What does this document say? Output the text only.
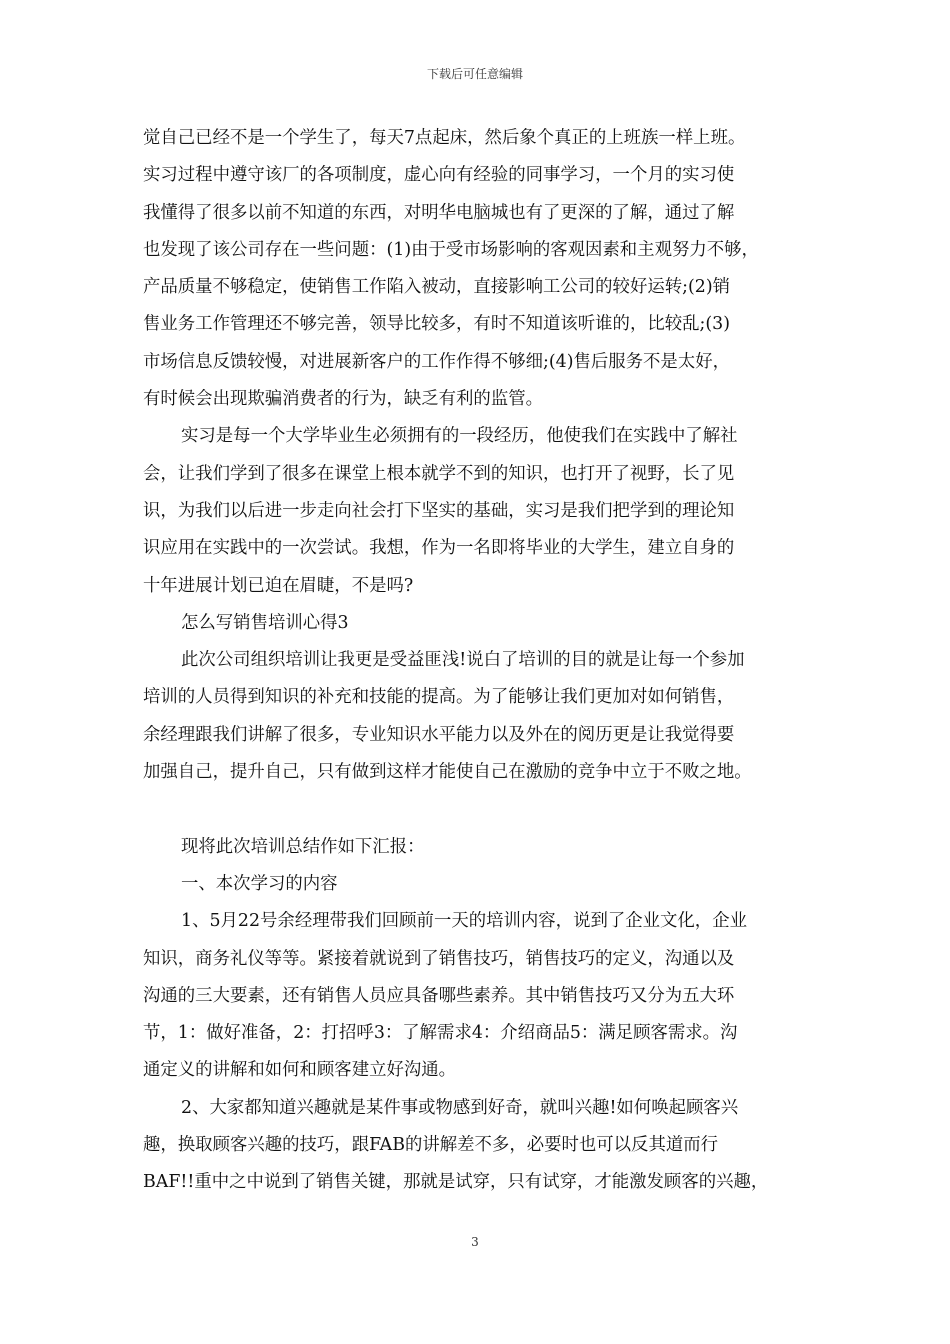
下载后可任意编辑
觉自己已经不是一个学生了，每天7点起床，然后象个真正的上班族一样上班。
实习过程中遵守该厂的各项制度，虚心向有经验的同事学习，一个月的实习使
我懂得了很多以前不知道的东西，对明华电脑城也有了更深的了解，通过了解
也发现了该公司存在一些问题：(1)由于受市场影响的客观因素和主观努力不够，
产品质量不够稳定，使销售工作陷入被动，直接影响工公司的较好运转;(2)销
售业务工作管理还不够完善，领导比较多，有时不知道该听谁的，比较乱;(3)
市场信息反馈较慢，对进展新客户的工作作得不够细;(4)售后服务不是太好，
有时候会出现欺骗消费者的行为，缺乏有利的监管。
实习是每一个大学毕业生必须拥有的一段经历，他使我们在实践中了解社
会，让我们学到了很多在课堂上根本就学不到的知识，也打开了视野，长了见
识，为我们以后进一步走向社会打下坚实的基础，实习是我们把学到的理论知
识应用在实践中的一次尝试。我想，作为一名即将毕业的大学生，建立自身的
十年进展计划已迫在眉睫，不是吗?
怎么写销售培训心得3
此次公司组织培训让我更是受益匪浅!说白了培训的目的就是让每一个参加
培训的人员得到知识的补充和技能的提高。为了能够让我们更加对如何销售，
余经理跟我们讲解了很多，专业知识水平能力以及外在的阅历更是让我觉得要
加强自己，提升自己，只有做到这样才能使自己在激励的竞争中立于不败之地。
现将此次培训总结作如下汇报：
一、本次学习的内容
1、5月22号余经理带我们回顾前一天的培训内容，说到了企业文化，企业
知识，商务礼仪等等。紧接着就说到了销售技巧，销售技巧的定义，沟通以及
沟通的三大要素，还有销售人员应具备哪些素养。其中销售技巧又分为五大环
节，1：做好准备，2：打招呼3：了解需求4：介绍商品5：满足顾客需求。沟
通定义的讲解和如何和顾客建立好沟通。
2、大家都知道兴趣就是某件事或物感到好奇，就叫兴趣!如何唤起顾客兴
趣，换取顾客兴趣的技巧，跟FAB的讲解差不多，必要时也可以反其道而行
BAF!!重中之中说到了销售关键，那就是试穿，只有试穿，才能激发顾客的兴趣，
3
